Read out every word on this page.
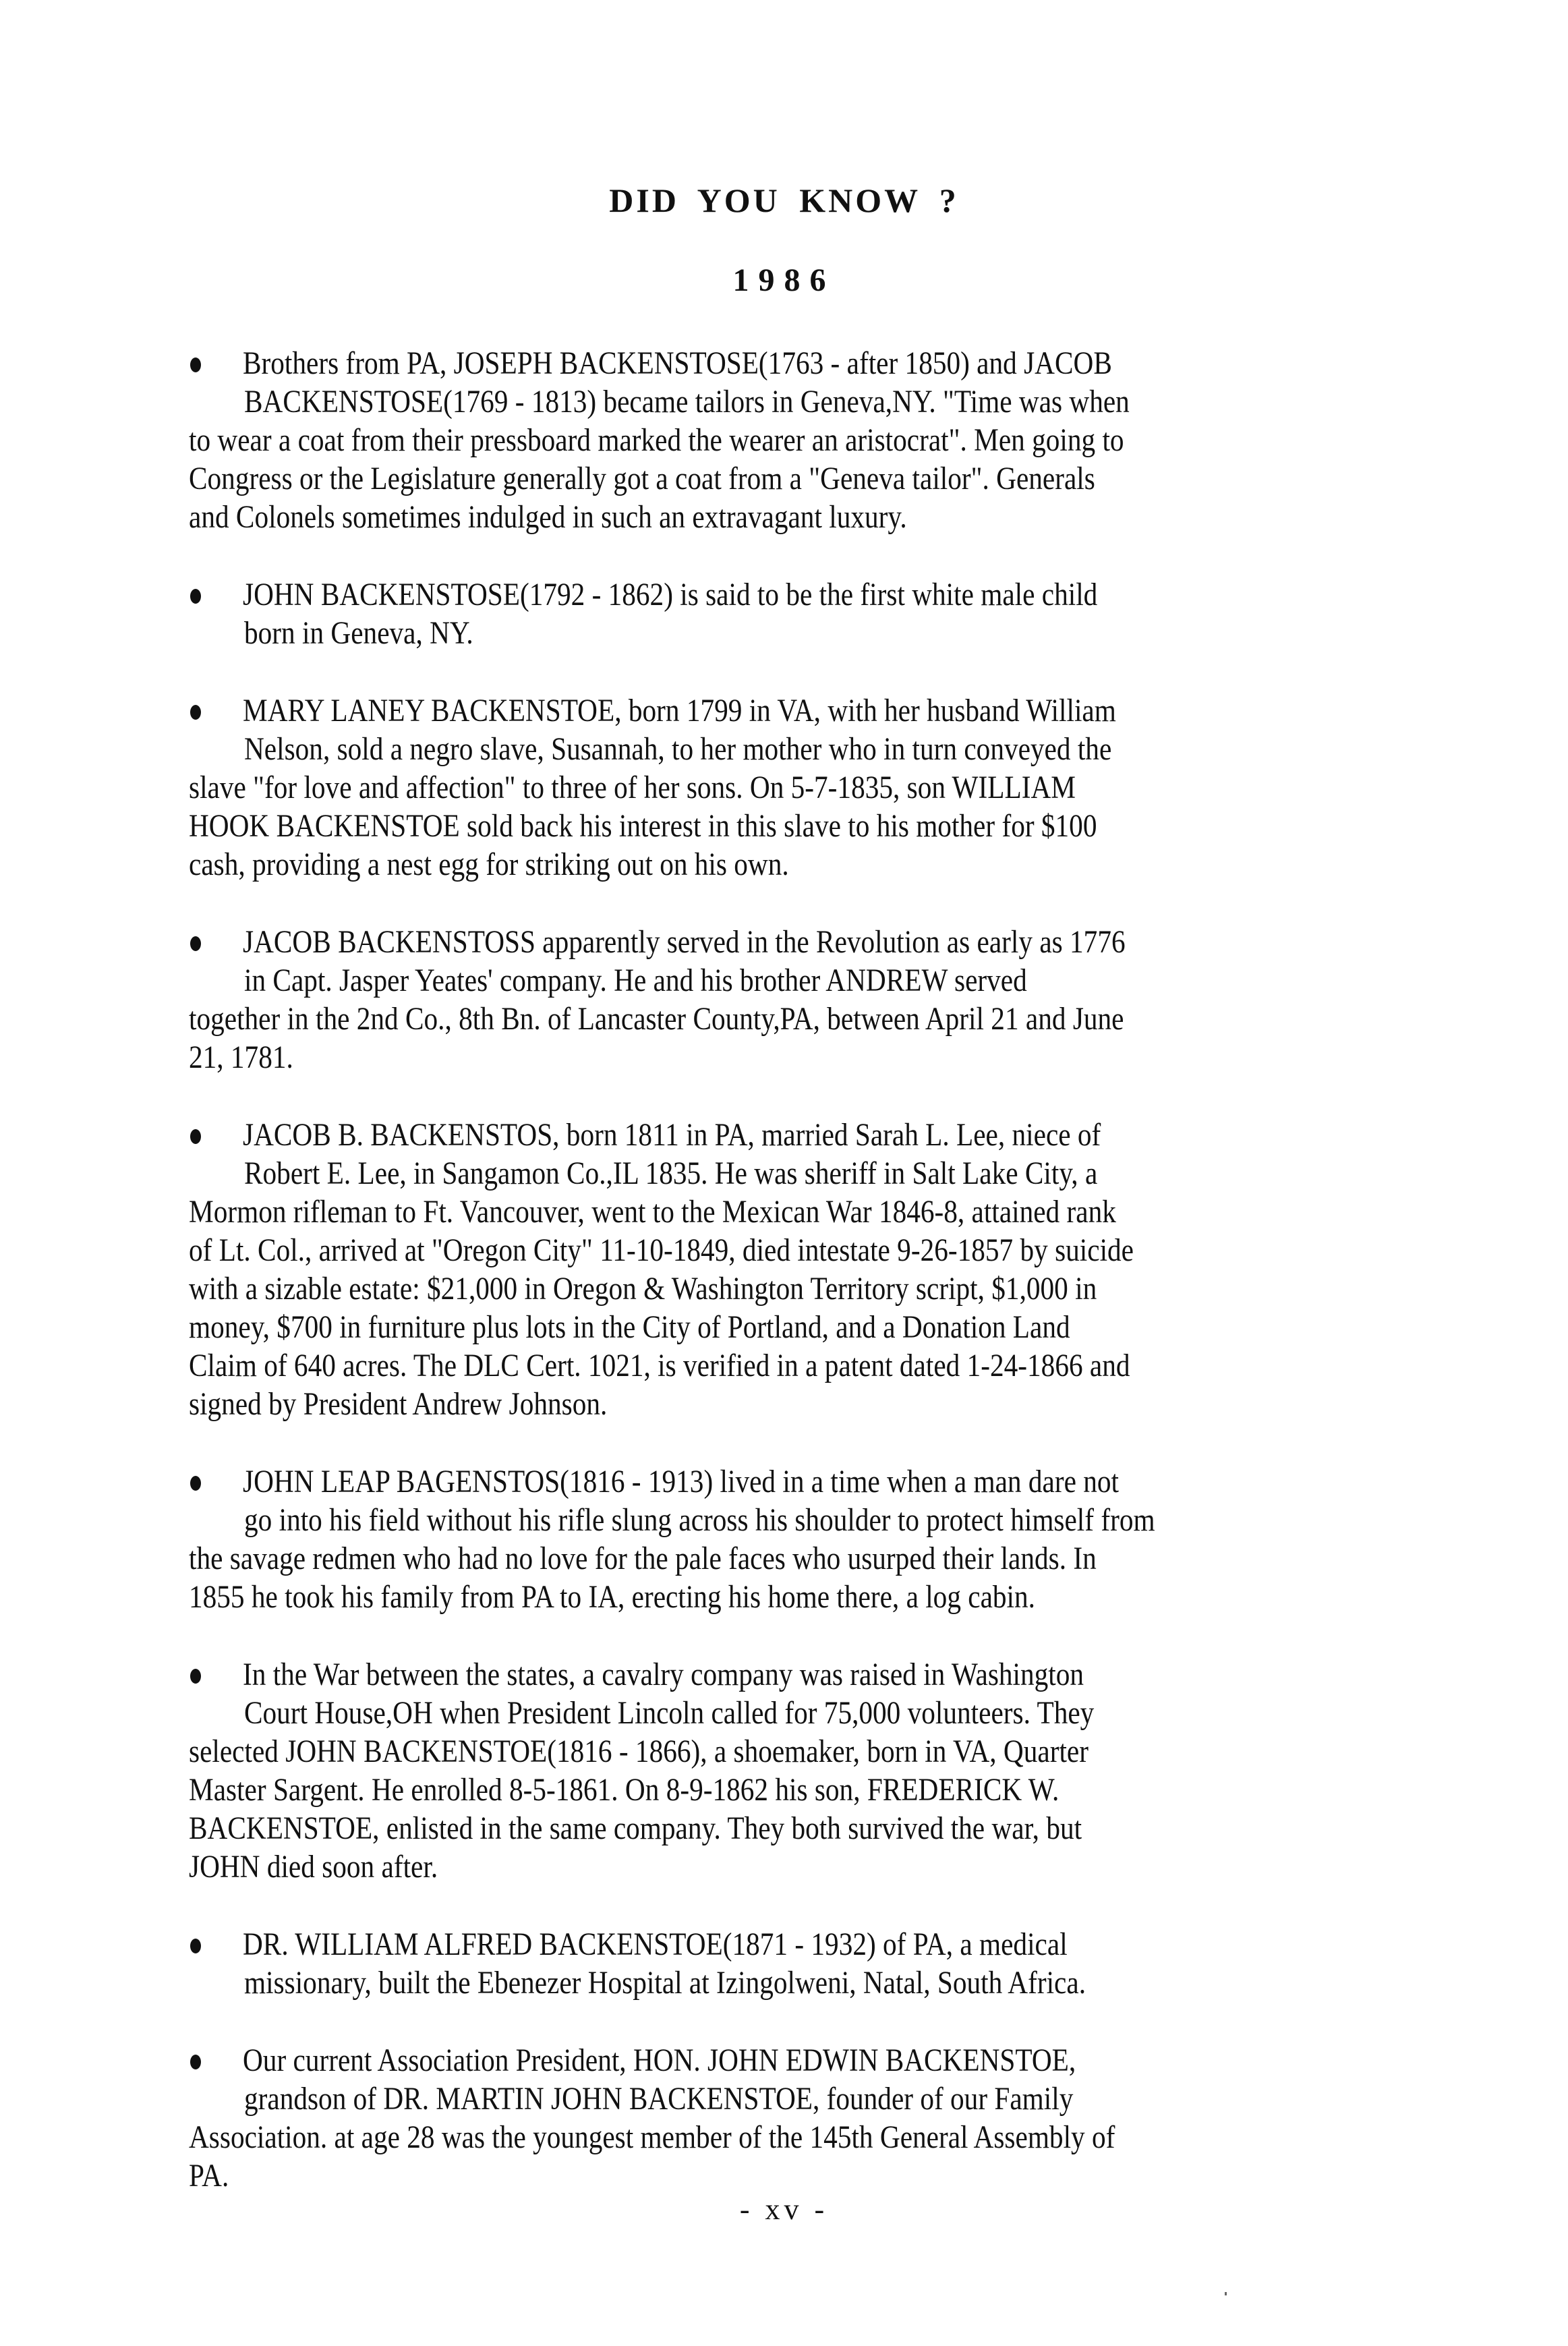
DID YOU KNOW ?
1986
Brothers from PA, JOSEPH BACKENSTOSE(1763 - after 1850) and JACOB
BACKENSTOSE(1769 - 1813) became tailors in Geneva,NY. "Time was when
to wear a coat from their pressboard marked the wearer an aristocrat". Men going to
Congress or the Legislature generally got a coat from a "Geneva tailor". Generals
and Colonels sometimes indulged in such an extravagant luxury.
JOHN BACKENSTOSE(1792 - 1862) is said to be the first white male child
born in Geneva, NY.
MARY LANEY BACKENSTOE, born 1799 in VA, with her husband William
Nelson, sold a negro slave, Susannah, to her mother who in turn conveyed the
slave "for love and affection" to three of her sons. On 5-7-1835, son WILLIAM
HOOK BACKENSTOE sold back his interest in this slave to his mother for $100
cash, providing a nest egg for striking out on his own.
JACOB BACKENSTOSS apparently served in the Revolution as early as 1776
in Capt. Jasper Yeates' company. He and his brother ANDREW served
together in the 2nd Co., 8th Bn. of Lancaster County,PA, between April 21 and June
21, 1781.
JACOB B. BACKENSTOS, born 1811 in PA, married Sarah L. Lee, niece of
Robert E. Lee, in Sangamon Co.,IL 1835. He was sheriff in Salt Lake City, a
Mormon rifleman to Ft. Vancouver, went to the Mexican War 1846-8, attained rank
of Lt. Col., arrived at "Oregon City" 11-10-1849, died intestate 9-26-1857 by suicide
with a sizable estate: $21,000 in Oregon & Washington Territory script, $1,000 in
money, $700 in furniture plus lots in the City of Portland, and a Donation Land
Claim of 640 acres. The DLC Cert. 1021, is verified in a patent dated 1-24-1866 and
signed by President Andrew Johnson.
JOHN LEAP BAGENSTOS(1816 - 1913) lived in a time when a man dare not
go into his field without his rifle slung across his shoulder to protect himself from
the savage redmen who had no love for the pale faces who usurped their lands. In
1855 he took his family from PA to IA, erecting his home there, a log cabin.
In the War between the states, a cavalry company was raised in Washington
Court House,OH when President Lincoln called for 75,000 volunteers. They
selected JOHN BACKENSTOE(1816 - 1866), a shoemaker, born in VA, Quarter
Master Sargent. He enrolled 8-5-1861. On 8-9-1862 his son, FREDERICK W.
BACKENSTOE, enlisted in the same company. They both survived the war, but
JOHN died soon after.
DR. WILLIAM ALFRED BACKENSTOE(1871 - 1932) of PA, a medical
missionary, built the Ebenezer Hospital at Izingolweni, Natal, South Africa.
Our current Association President, HON. JOHN EDWIN BACKENSTOE,
grandson of DR. MARTIN JOHN BACKENSTOE, founder of our Family
Association. at age 28 was the youngest member of the 145th General Assembly of
PA.
- xv -
